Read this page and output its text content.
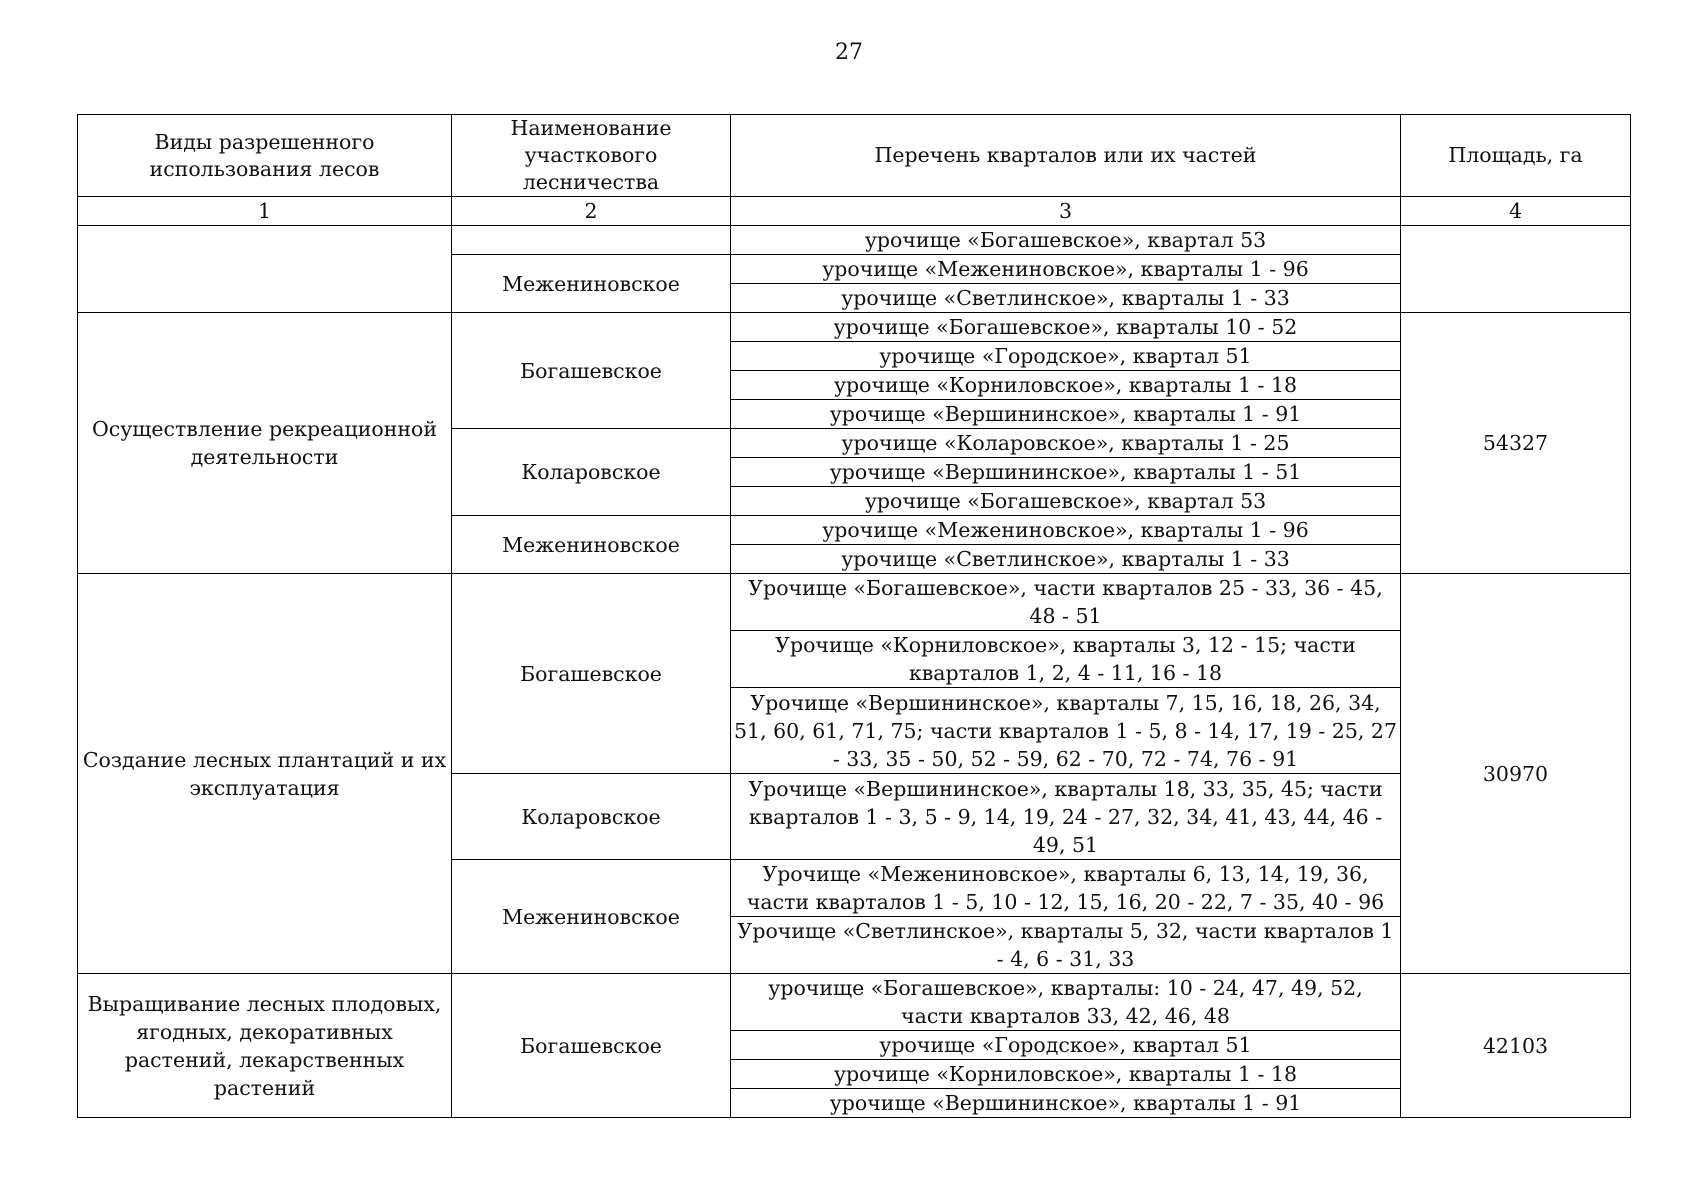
27
Виды разрешенного использования лесов	Наименование участкового лесничества	Перечень кварталов или их частей	Площадь, га
1	2	3	4
		урочище «Богашевское», квартал 53	
	Межениновское	урочище «Межениновское», кварталы 1 - 96	
		урочище «Светлинское», кварталы 1 - 33	
Осуществление рекреационной деятельности	Богашевское	урочище «Богашевское», кварталы 10 - 52	54327
		урочище «Городское», квартал 51	
		урочище «Корниловское», кварталы 1 - 18	
		урочище «Вершининское», кварталы 1 - 91	
	Коларовское	урочище «Коларовское», кварталы 1 - 25	
		урочище «Вершининское», кварталы 1 - 51	
		урочище «Богашевское», квартал 53	
	Межениновское	урочище «Межениновское», кварталы 1 - 96	
		урочище «Светлинское», кварталы 1 - 33	
Создание лесных плантаций и их эксплуатация	Богашевское	Урочище «Богашевское», части кварталов 25 - 33, 36 - 45, 48 - 51	30970
		Урочище «Корниловское», кварталы 3, 12 - 15; части кварталов 1, 2, 4 - 11, 16 - 18	
		Урочище «Вершининское», кварталы 7, 15, 16, 18, 26, 34, 51, 60, 61, 71, 75; части кварталов 1 - 5, 8 - 14, 17, 19 - 25, 27 - 33, 35 - 50, 52 - 59, 62 - 70, 72 - 74, 76 - 91	
	Коларовское	Урочище «Вершининское», кварталы 18, 33, 35, 45; части кварталов 1 - 3, 5 - 9, 14, 19, 24 - 27, 32, 34, 41, 43, 44, 46 - 49, 51	
	Межениновское	Урочище «Межениновское», кварталы 6, 13, 14, 19, 36, части кварталов 1 - 5, 10 - 12, 15, 16, 20 - 22, 7 - 35, 40 - 96	
		Урочище «Светлинское», кварталы 5, 32, части кварталов 1 - 4, 6 - 31, 33	
Выращивание лесных плодовых, ягодных, декоративных растений, лекарственных растений	Богашевское	урочище «Богашевское», кварталы: 10 - 24, 47, 49, 52, части кварталов 33, 42, 46, 48	42103
		урочище «Городское», квартал 51	
		урочище «Корниловское», кварталы 1 - 18	
		урочище «Вершининское», кварталы 1 - 91	
